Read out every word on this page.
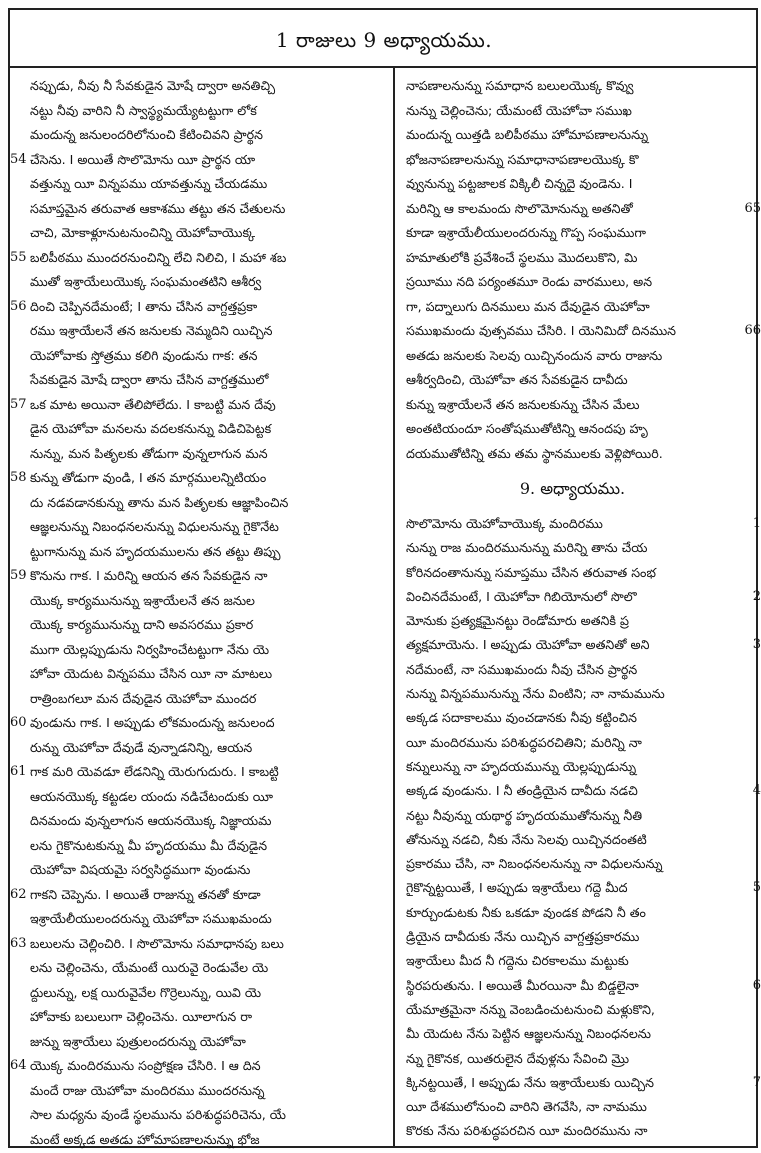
1 రాజులు 9 అధ్యాయము.
నప్పుడు, నీవు నీ సేవకుడైన మోషే ద్వారా అనతిచ్చి
నట్టు నీవు వారిని నీ స్వాస్థ్యమయ్యేటట్టుగా లోక
మందున్న జనులందరిలోనుంచి కేటించివని ప్రార్థన
54 చేసెను. I అయితే సొలొమోను యీ ప్రార్థన యా
వత్తున్ను యీ విన్నపము యావత్తున్ను చేయడము
సమాప్తమైన తరువాత ఆకాశము తట్టు తన చేతులను
చాచి, మోకాళ్లూనుటనుంచిన్ని యెహోవాయొక్క
55 బలిపీఠము ముందరనుంచిన్ని లేచి నిలిచి, I మహా శబ
ముతో ఇశ్రాయేలుయొక్క సంఘమంతటిని ఆశీర్వ
56 దించి చెప్పినదేమంటే; I తాను చేసిన వాగ్దత్తప్రకా
రము ఇశ్రాయేలనే తన జనులకు నెమ్మదిని యిచ్చిన
యెహోవాకు స్తోత్రము కలిగి వుండును గాక: తన
సేవకుడైన మోషే ద్వారా తాను చేసిన వాగ్దత్తములో
57 ఒక మాట అయినా తేలిపోలేదు. I కాబట్టి మన దేవు
డైన యెహోవా మనలను వదలకనున్ను విడిచిపెట్టక
నున్ను, మన పితృలకు తోడుగా వున్నలాగున మన
58 కున్ను తోడుగా వుండి, I తన మార్గములన్నిటియం
దు నడవడానకున్ను తాను మన పితృలకు ఆజ్ఞాపించిన
ఆజ్ఞలనున్ను నిబంధనలనున్ను విధులనున్ను గైకొనేట
ట్టుగానున్ను మన హృదయములను తన తట్టు తిప్పు
59 కొనును గాక. I మరిన్ని ఆయన తన సేవకుడైన నా
యొక్క కార్యమునున్ను ఇశ్రాయేలనే తన జనుల
యొక్క కార్యమునున్ను దాని అవసరము ప్రకార
ముగా యెల్లప్పుడును నిర్వహించేటట్టుగా నేను యె
హోవా యెదుట విన్నపము చేసిన యీ నా మాటలు
రాత్రింబగలూ మన దేవుడైన యెహోవా ముందర
60 వుండును గాక. I అప్పుడు లోకమందున్న జనులంద
రున్ను యెహోవా దేవుడే వున్నాడనిన్ని, ఆయన
61 గాక మరి యెవడూ లేడనిన్ని యెరుగుదురు. I కాబట్టి
ఆయనయొక్క కట్టడల యందు నడిచేటందుకు యీ
దినమందు వున్నలాగున ఆయనయొక్క నిజ్ఞాయమ
లను గైకొనుటకున్ను మీ హృదయము మీ దేవుడైన
యెహోవా విషయమై సర్వసిద్ధముగా వుండును
62 గాకని చెప్పెను. I అయితే రాజున్ను తనతో కూడా
ఇశ్రాయేలీయులందరున్ను యెహోవా సముఖమందు
63 బలులను చెల్లించిరి. I సొలొమోను సమాధానపు బలు
లను చెల్లించెను, యేమంటే యిరువై రెండువేల యె
ద్దులున్ను, లక్ష యిరువైవేల గొర్రెలున్ను, యివి యె
హోవాకు బలులుగా చెల్లించెను. యీలాగున రా
జున్ను ఇశ్రాయేలు పుత్రులందరున్ను యెహోవా
64 యొక్క మందిరమును సంప్రోక్షణ చేసిరి. I ఆ దిన
మందే రాజు యెహోవా మందిరము ముందరనున్న
సాల మధ్యను వుండే స్థలమును పరిశుద్ధపరిచెను, యే
మంటే అక్కడ అతడు హోమాపణాలనున్ను భోజ
నాపణాలనున్ను సమాధాన బలులయొక్క కొవ్వు
నున్ను చెల్లించెను; యేమంటే యెహోవా సముఖ
మందున్న యిత్తడి బలిపీఠము హోమాపణాలనున్ను
భోజనాపణాలనున్ను సమాధానాపణాలయొక్క కొ
వ్వునున్ను పట్టజాలక విక్కిలీ చిన్నదై వుండెను. I
65
మరిన్ని ఆ కాలమందు సొలొమోనున్ను అతనితో
కూడా ఇశ్రాయేలీయులందరున్ను గొప్ప సంఘముగా
హమాతులోకి ప్రవేశించే స్థలము మొదలుకొని, మి
స్రయీము నది పర్యంతమూ రెండు వారములు, అన
గా, పద్నాలుగు దినములు మన దేవుడైన యెహోవా
66
సముఖమందు వుత్సవము చేసిరి. I యెనిమిదో దినమున
అతడు జనులకు సెలవు యిచ్చినందున వారు రాజును
ఆశీర్వదించి, యెహోవా తన సేవకుడైన దావీదు
కున్ను ఇశ్రాయేలనే తన జనులకున్ను చేసిన మేలు
అంతటియందూ సంతోషముతోటిన్ని ఆనందపు హృ
దయముతోటిన్ని తమ తమ స్థానములకు వెళ్లిపోయిరి.
9. అధ్యాయము.
1
సొలొమోను యెహోవాయొక్క మందిరము
నున్ను రాజ మందిరమునున్ను మరిన్ని తాను చేయ
కోరినదంతానున్ను సమాప్తము చేసిన తరువాత సంభ
2
వించినదేమంటే, I యెహోవా గిబియోనులో సొలొ
మోనుకు ప్రత్యక్షమైనట్టు రెండోమారు అతనికి ప్ర
3
త్యక్షమాయెను. I అప్పుడు యెహోవా అతనితో అని
నదేమంటే, నా సముఖమందు నీవు చేసిన ప్రార్థన
నున్ను విన్నపమునున్ను నేను వింటిని; నా నామమును
అక్కడ సదాకాలము వుంచడానకు నీవు కట్టించిన
యీ మందిరమును పరిశుద్ధపరచితిని; మరిన్ని నా
కన్నులున్ను నా హృదయమున్ను యెల్లప్పుడున్ను
4
అక్కడ వుండును. I నీ తండ్రియైన దావీదు నడచి
నట్టు నీవున్ను యథార్థ హృదయముతోనున్ను నీతి
తోనున్ను నడచి, నీకు నేను సెలవు యిచ్చినదంతటి
ప్రకారము చేసి, నా నిబంధనలనున్ను నా విధులనున్ను
5
గైకొన్నట్టయితే, I అప్పుడు ఇశ్రాయేలు గద్దె మీద
కూర్చుండుటకు నీకు ఒకడూ వుండక పోడని నీ తం
డ్రియైన దావీదుకు నేను యిచ్చిన వాగ్దత్తప్రకారము
ఇశ్రాయేలు మీద నీ గద్దెను చిరకాలము మట్టుకు
6
స్థిరపరుతును. I అయితే మీరయినా మీ బిడ్డలైనా
యేమాత్రమైనా నన్ను వెంబడించుటనుంచి మళ్లుకొని,
మీ యెదుట నేను పెట్టిన ఆజ్ఞలనున్ను నిబంధనలను
న్ను గైకొనక, యితరులైన దేవుళ్లను సేవించి మ్రొ
7
క్కినట్టయితే, I అప్పుడు నేను ఇశ్రాయేలుకు యిచ్చిన
యీ దేశములోనుంచి వారిని తెగవేసి, నా నామము
కొరకు నేను పరిశుద్ధపరచిన యీ మందిరమును నా
